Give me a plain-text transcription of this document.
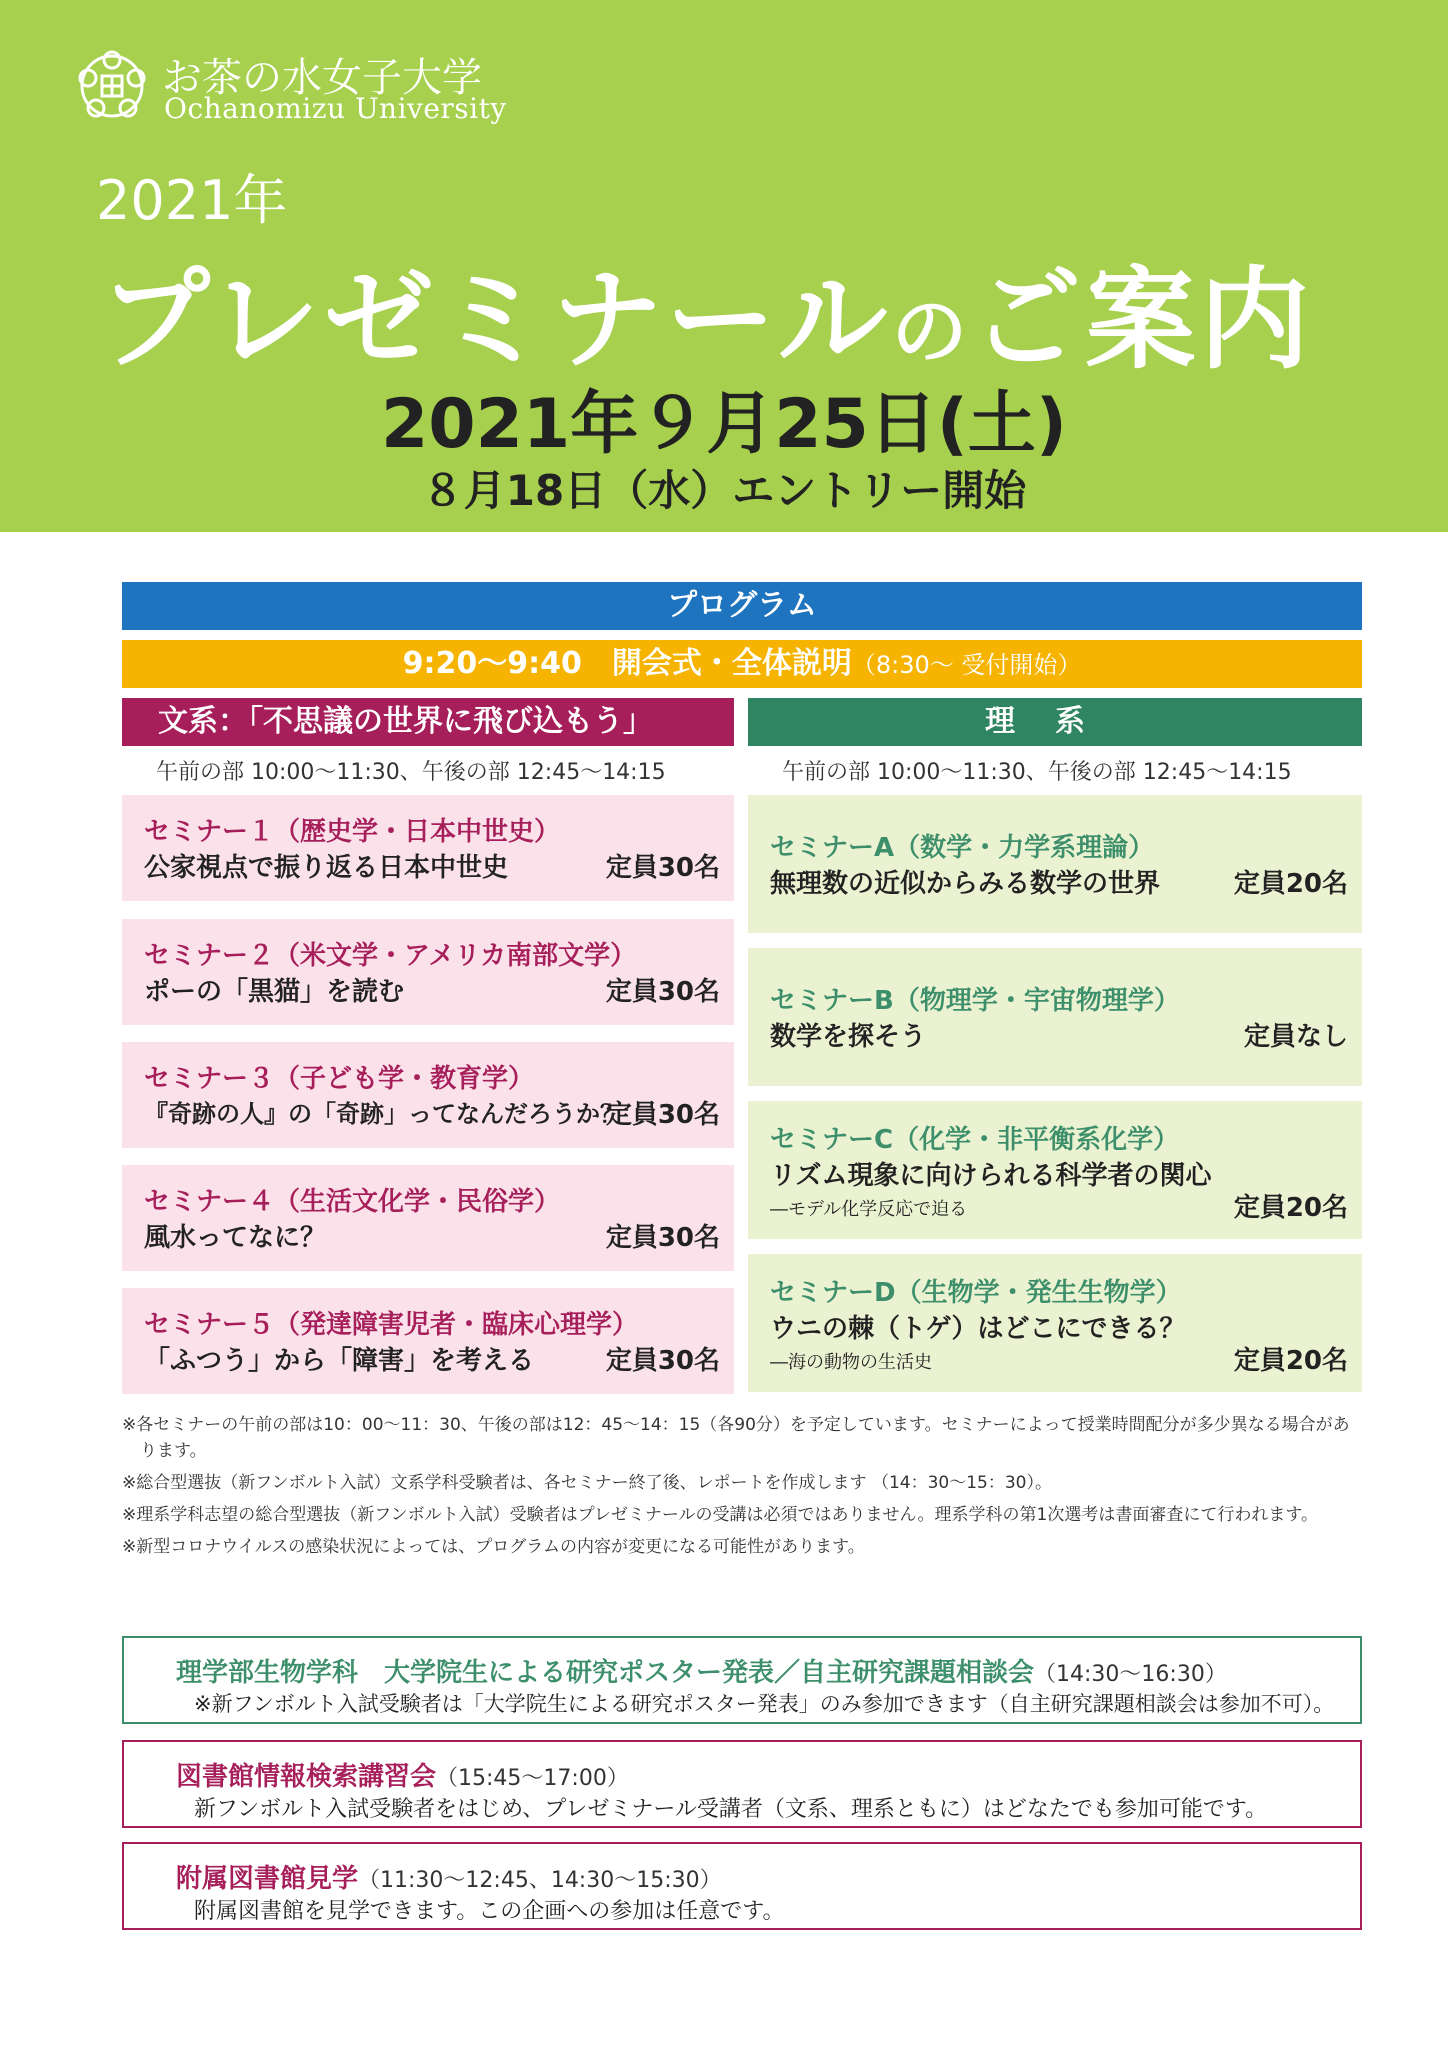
お茶の水女子大学
Ochanomizu University
2021年
プレゼミナールのご案内
2021年９月25日(土)
８月18日（水）エントリー開始
プログラム
9:20〜9:40　開会式・全体説明（8:30〜 受付開始）
文系：「不思議の世界に飛び込もう」	理系
午前の部 10:00〜11:30、午後の部 12:45〜14:15	午前の部 10:00〜11:30、午後の部 12:45〜14:15
セミナー１（歴史学・日本中世史）
公家視点で振り返る日本中世史	定員30名
セミナー２（米文学・アメリカ南部文学）
ポーの「黒猫」を読む	定員30名
セミナー３（子ども学・教育学）
『奇跡の人』の「奇跡」ってなんだろうか？
定員30名
セミナー４（生活文化学・民俗学）
風水ってなに？	定員30名
セミナー５（発達障害児者・臨床心理学）
「ふつう」から「障害」を考える	定員30名
セミナーA（数学・力学系理論）
無理数の近似からみる数学の世界	定員20名
セミナーB（物理学・宇宙物理学）
数学を探そう	定員なし
セミナーC（化学・非平衡系化学）
リズム現象に向けられる科学者の関心
―モデル化学反応で迫る	定員20名
セミナーD（生物学・発生生物学）
ウニの棘（トゲ）はどこにできる？
―海の動物の生活史	定員20名

※各セミナーの午前の部は10：00〜11：30、午後の部は12：45〜14：15（各90分）を予定しています。セミナーによって授業時間配分が多少異なる場合があります。

※総合型選抜（新フンボルト入試）文系学科受験者は、各セミナー終了後、レポートを作成します （14：30〜15：30）。

※理系学科志望の総合型選抜（新フンボルト入試）受験者はプレゼミナールの受講は必須ではありません。理系学科の第1次選考は書面審査にて行われます。

※新型コロナウイルスの感染状況によっては、プログラムの内容が変更になる可能性があります。

理学部生物学科　大学院生による研究ポスター発表／自主研究課題相談会（14:30〜16:30）
※新フンボルト入試受験者は「大学院生による研究ポスター発表」のみ参加できます（自主研究課題相談会は参加不可）。
図書館情報検索講習会（15:45〜17:00）
新フンボルト入試受験者をはじめ、プレゼミナール受講者（文系、理系ともに）はどなたでも参加可能です。
附属図書館見学（11:30〜12:45、14:30〜15:30）
附属図書館を見学できます。この企画への参加は任意です。
